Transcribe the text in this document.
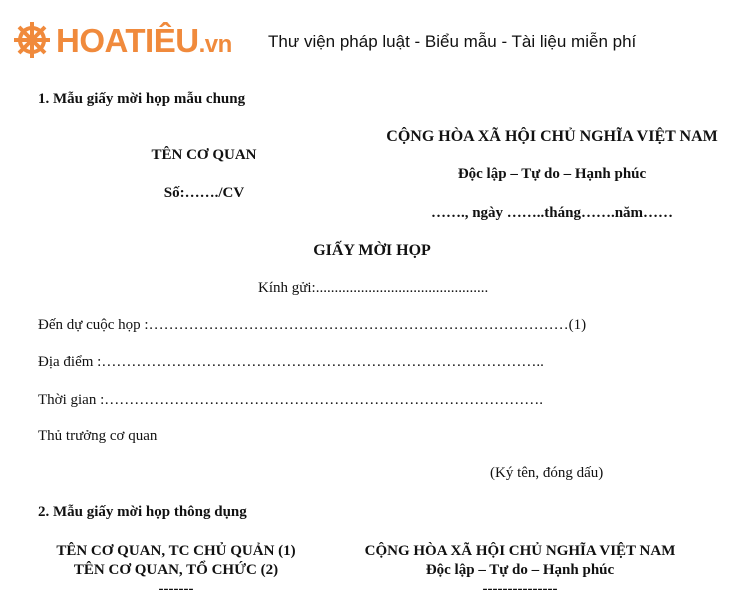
HOATIÊU.vn Thư viện pháp luật - Biểu mẫu - Tài liệu miễn phí
1. Mẫu giấy mời họp mẫu chung
CỘNG HÒA XÃ HỘI CHỦ NGHĨA VIỆT NAM
TÊN CƠ QUAN
Độc lập – Tự do – Hạnh phúc
Số:……./CV
……., ngày ……..tháng…….năm……
GIẤY MỜI HỌP
Kính gửi:..............................................
Đến dự cuộc họp :…………………………………………………………………………(1)
Địa điểm :……………………………………………………………………………..
Thời gian :…………………………………………………………………………….
Thủ trưởng cơ quan
(Ký tên, đóng dấu)
2. Mẫu giấy mời họp thông dụng
TÊN CƠ QUAN, TC CHỦ QUẢN (1)
TÊN CƠ QUAN, TỔ CHỨC (2)
-------
CỘNG HÒA XÃ HỘI CHỦ NGHĨA VIỆT NAM
Độc lập – Tự do – Hạnh phúc
---------------
